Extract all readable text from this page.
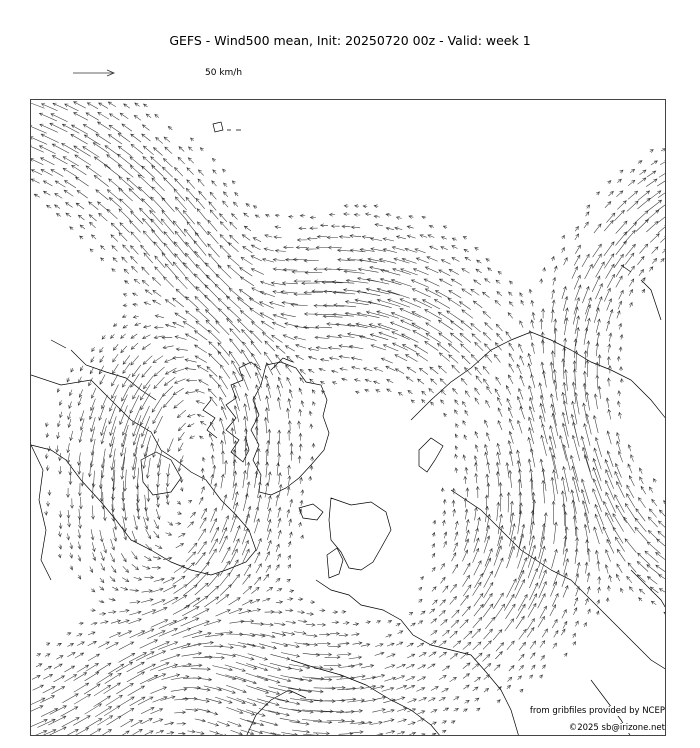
GEFS - Wind500 mean, Init: 20250720 00z - Valid: week 1
50 km/h
from gribfiles provided by NCEP
©2025 sb@irizone.net
